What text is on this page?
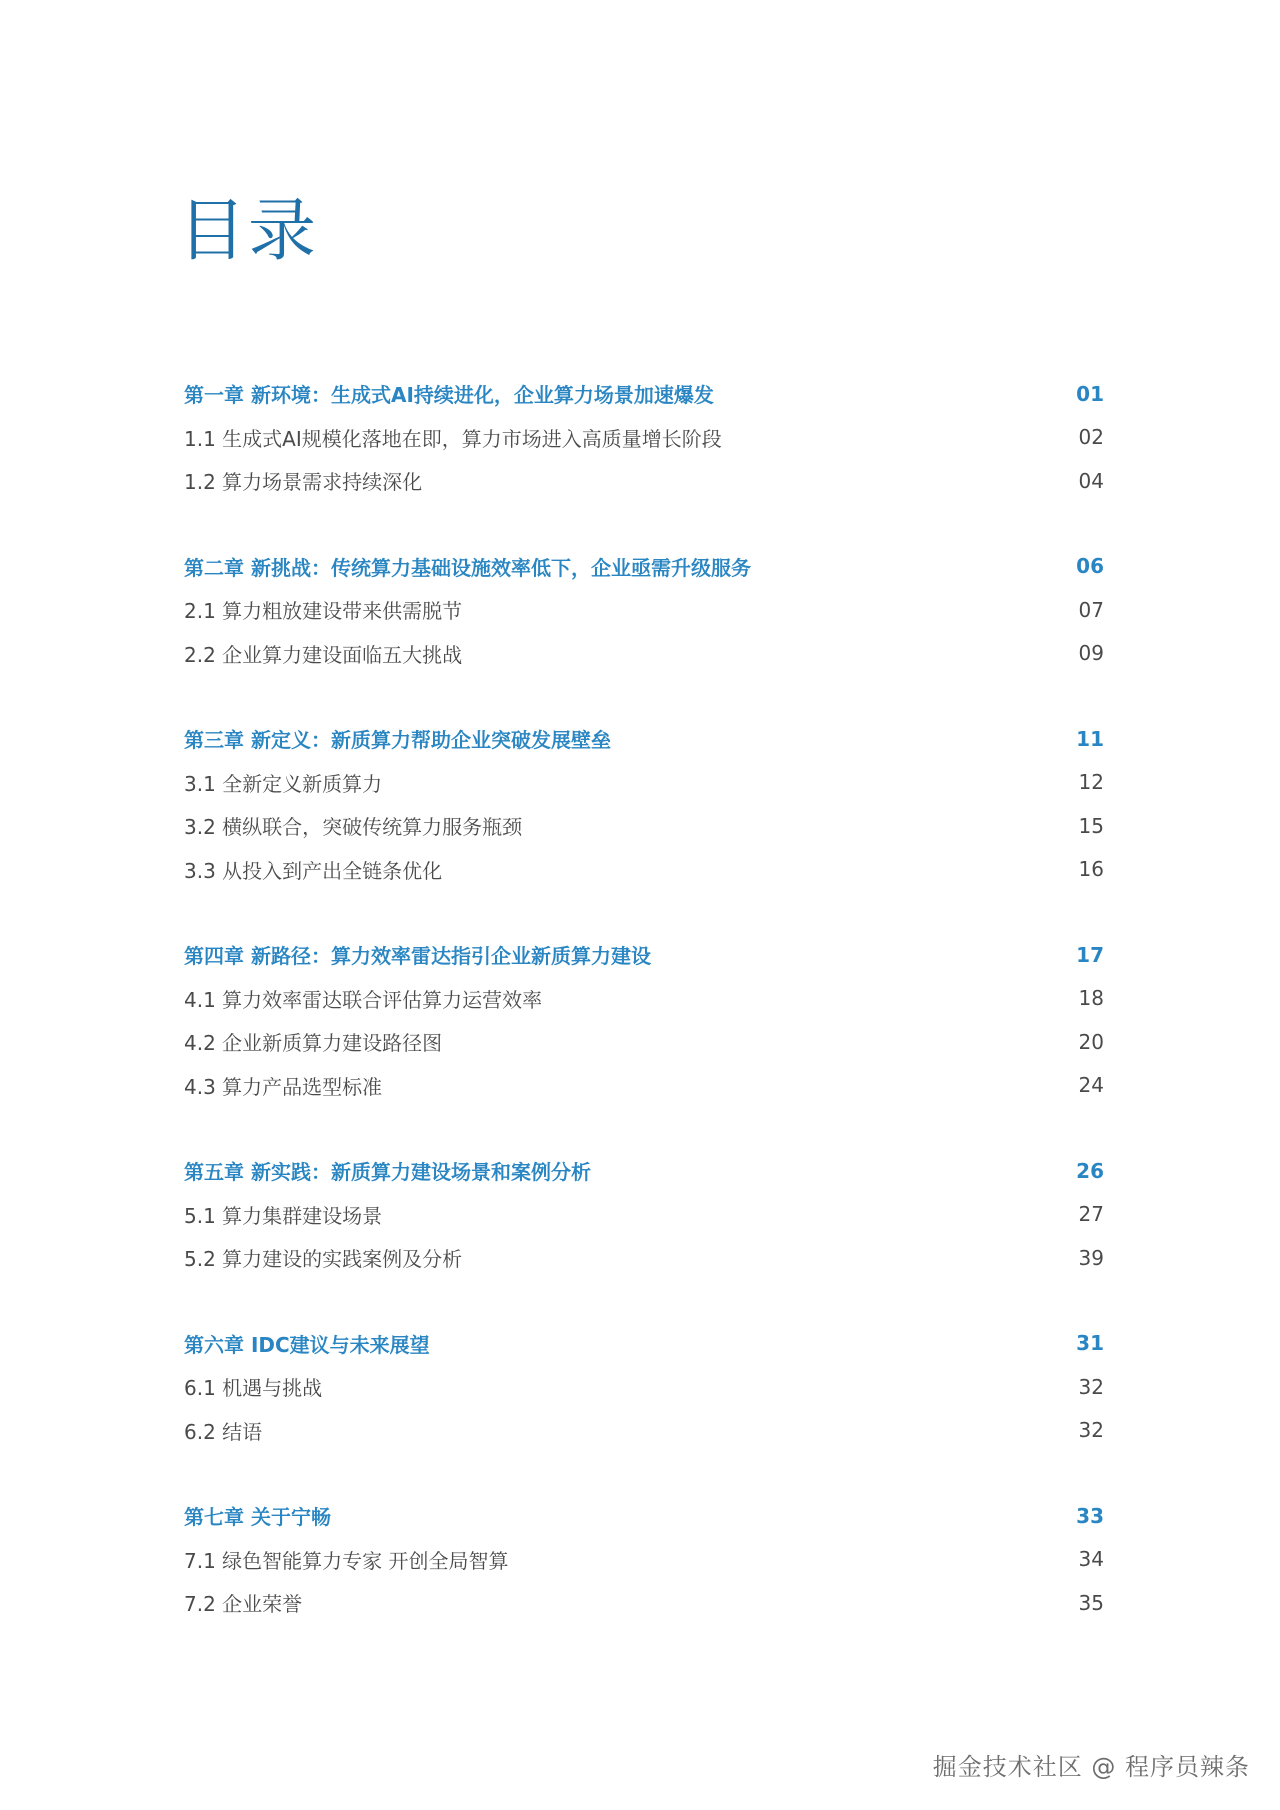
目录
第一章 新环境：生成式AI持续进化，企业算力场景加速爆发	01
1.1 生成式AI规模化落地在即，算力市场进入高质量增长阶段	02
1.2 算力场景需求持续深化	04
第二章 新挑战：传统算力基础设施效率低下，企业亟需升级服务	06
2.1 算力粗放建设带来供需脱节	07
2.2 企业算力建设面临五大挑战	09
第三章 新定义：新质算力帮助企业突破发展壁垒	11
3.1 全新定义新质算力	12
3.2 横纵联合，突破传统算力服务瓶颈	15
3.3 从投入到产出全链条优化	16
第四章 新路径：算力效率雷达指引企业新质算力建设	17
4.1 算力效率雷达联合评估算力运营效率	18
4.2 企业新质算力建设路径图	20
4.3 算力产品选型标准	24
第五章 新实践：新质算力建设场景和案例分析	26
5.1 算力集群建设场景	27
5.2 算力建设的实践案例及分析	39
第六章 IDC建议与未来展望	31
6.1 机遇与挑战	32
6.2 结语	32
第七章 关于宁畅	33
7.1 绿色智能算力专家 开创全局智算	34
7.2 企业荣誉	35
掘金技术社区 @ 程序员辣条
